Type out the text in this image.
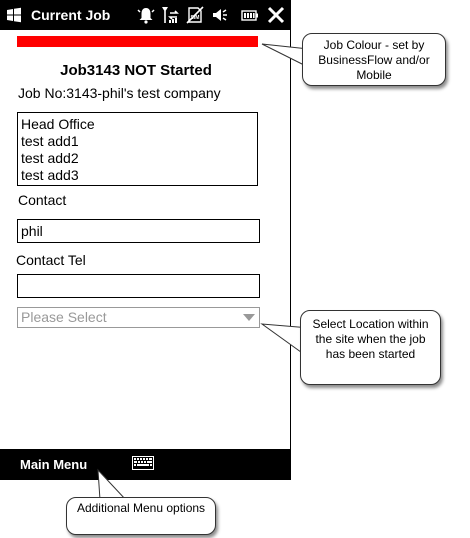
Current Job	SIM
Job3143 NOT Started
Job No:3143-phil's test company
Head Office
test add1
test add2
test add3
Contact
phil
Contact Tel
Please Select
Main Menu
Job Colour - set by BusinessFlow and/or Mobile
Select Location within the site when the job has been started
Additional Menu options
